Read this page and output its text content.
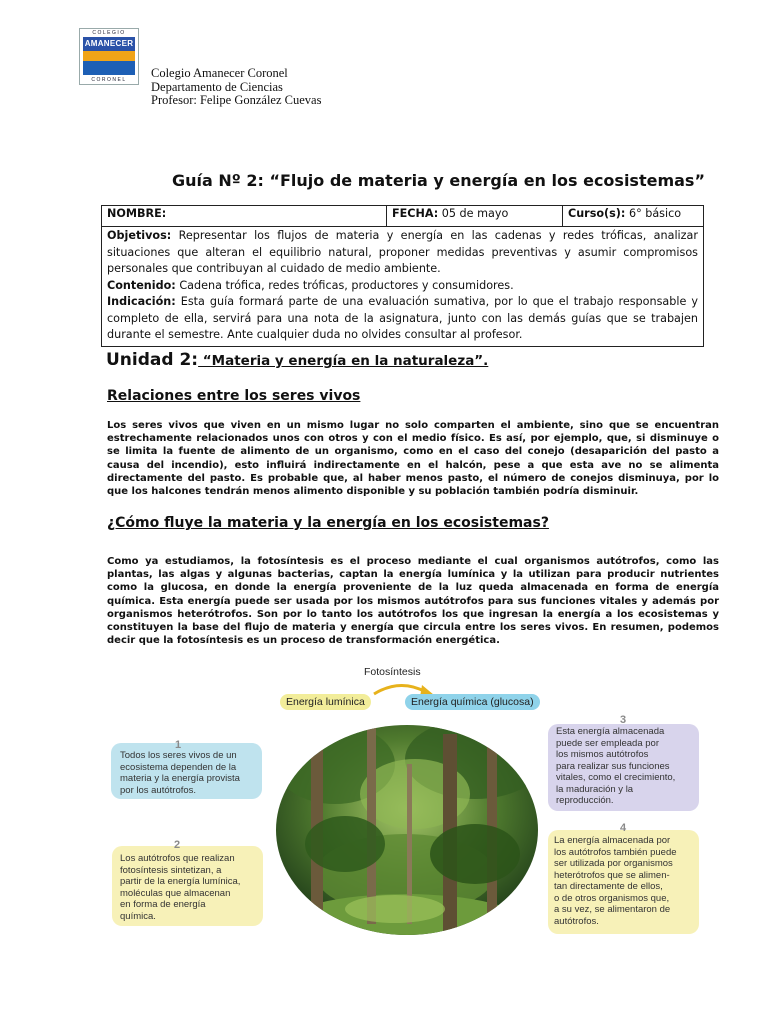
COLEGIO
AMANECER
CORONEL	Colegio Amanecer Coronel
Departamento de Ciencias
Profesor: Felipe González Cuevas
Guía Nº 2: “Flujo de materia y energía en los ecosistemas”
NOMBRE:	FECHA: 05 de mayo	Curso(s): 6° básico

Objetivos: Representar los flujos de materia y energía en las cadenas y redes tróficas, analizar situaciones que alteran el equilibrio natural, proponer medidas preventivas y asumir compromisos personales que contribuyan al cuidado de medio ambiente.

Contenido: Cadena trófica, redes tróficas, productores y consumidores.

Indicación: Esta guía formará parte de una evaluación sumativa, por lo que el trabajo responsable y completo de ella, servirá para una nota de la asignatura, junto con las demás guías que se trabajen durante el semestre. Ante cualquier duda no olvides consultar al profesor.

Unidad 2: “Materia y energía en la naturaleza”.
Relaciones entre los seres vivos
Los seres vivos que viven en un mismo lugar no solo comparten el ambiente, sino que se encuentran estrechamente relacionados unos con otros y con el medio físico. Es así, por ejemplo, que, si disminuye o se limita la fuente de alimento de un organismo, como en el caso del conejo (desaparición del pasto a causa del incendio), esto influirá indirectamente en el halcón, pese a que esta ave no se alimenta directamente del pasto. Es probable que, al haber menos pasto, el número de conejos disminuya, por lo que los halcones tendrán menos alimento disponible y su población también podría disminuir.
¿Cómo fluye la materia y la energía en los ecosistemas?
Como ya estudiamos, la fotosíntesis es el proceso mediante el cual organismos autótrofos, como las plantas, las algas y algunas bacterias, captan la energía lumínica y la utilizan para producir nutrientes como la glucosa, en donde la energía proveniente de la luz queda almacenada en forma de energía química. Esta energía puede ser usada por los mismos autótrofos para sus funciones vitales y además por organismos heterótrofos. Son por lo tanto los autótrofos los que ingresan la energía a los ecosistemas y constituyen la base del flujo de materia y energía que circula entre los seres vivos. En resumen, podemos decir que la fotosíntesis es un proceso de transformación energética.
Fotosíntesis
Energía lumínica	Energía química (glucosa)
1
Todos los seres vivos de un
ecosistema dependen de la
materia y la energía provista
por los autótrofos.
2
Los autótrofos que realizan
fotosíntesis sintetizan, a
partir de la energía lumínica,
moléculas que almacenan
en forma de energía
química.
3
Esta energía almacenada
puede ser empleada por
los mismos autótrofos
para realizar sus funciones
vitales, como el crecimiento,
la maduración y la
reproducción.
4
La energía almacenada por
los autótrofos también puede
ser utilizada por organismos
heterótrofos que se alimen-
tan directamente de ellos,
o de otros organismos que,
a su vez, se alimentaron de
autótrofos.
